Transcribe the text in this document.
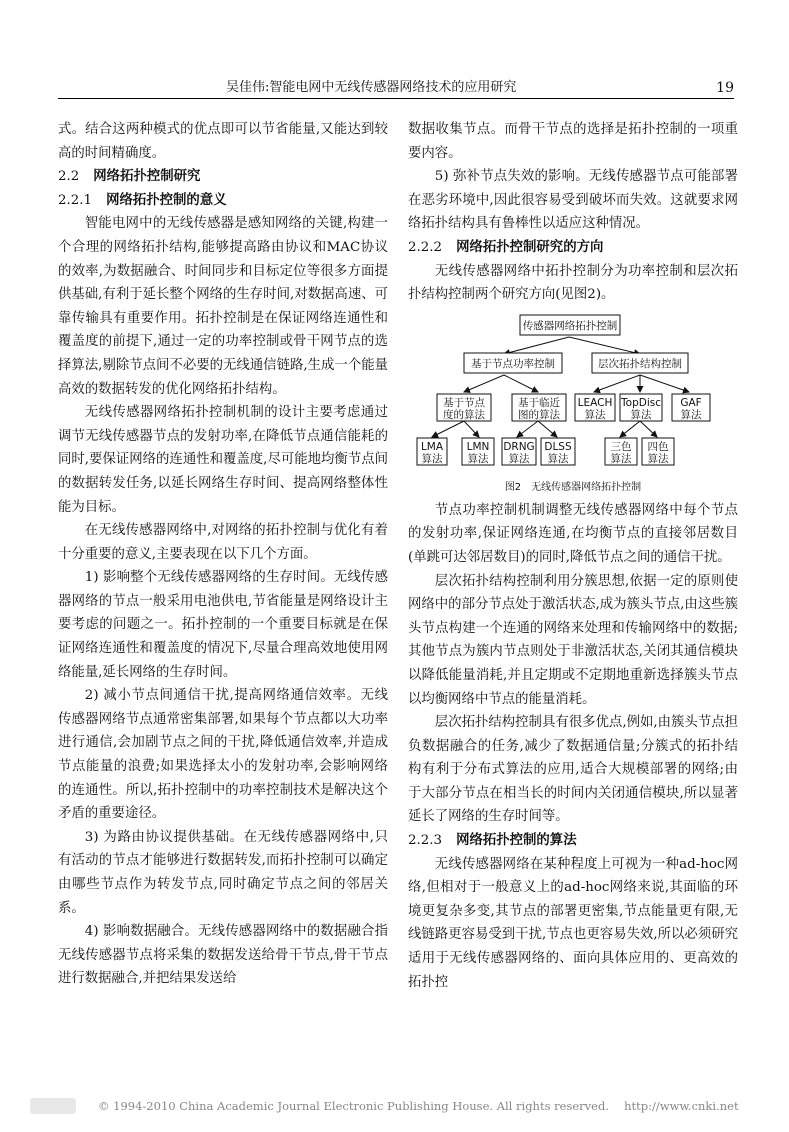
吴佳伟:智能电网中无线传感器网络技术的应用研究	19

式。结合这两种模式的优点即可以节省能量,又能达到较高的时间精确度。

2.2 网络拓扑控制研究

2.2.1 网络拓扑控制的意义

智能电网中的无线传感器是感知网络的关键,构建一个合理的网络拓扑结构,能够提高路由协议和MAC协议的效率,为数据融合、时间同步和目标定位等很多方面提供基础,有利于延长整个网络的生存时间,对数据高速、可靠传输具有重要作用。拓扑控制是在保证网络连通性和覆盖度的前提下,通过一定的功率控制或骨干网节点的选择算法,剔除节点间不必要的无线通信链路,生成一个能量高效的数据转发的优化网络拓扑结构。

无线传感器网络拓扑控制机制的设计主要考虑通过调节无线传感器节点的发射功率,在降低节点通信能耗的同时,要保证网络的连通性和覆盖度,尽可能地均衡节点间的数据转发任务,以延长网络生存时间、提高网络整体性能为目标。

在无线传感器网络中,对网络的拓扑控制与优化有着十分重要的意义,主要表现在以下几个方面。

1) 影响整个无线传感器网络的生存时间。无线传感器网络的节点一般采用电池供电,节省能量是网络设计主要考虑的问题之一。拓扑控制的一个重要目标就是在保证网络连通性和覆盖度的情况下,尽量合理高效地使用网络能量,延长网络的生存时间。

2) 减小节点间通信干扰,提高网络通信效率。无线传感器网络节点通常密集部署,如果每个节点都以大功率进行通信,会加剧节点之间的干扰,降低通信效率,并造成节点能量的浪费;如果选择太小的发射功率,会影响网络的连通性。所以,拓扑控制中的功率控制技术是解决这个矛盾的重要途径。

3) 为路由协议提供基础。在无线传感器网络中,只有活动的节点才能够进行数据转发,而拓扑控制可以确定由哪些节点作为转发节点,同时确定节点之间的邻居关系。

4) 影响数据融合。无线传感器网络中的数据融合指无线传感器节点将采集的数据发送给骨干节点,骨干节点进行数据融合,并把结果发送给

数据收集节点。而骨干节点的选择是拓扑控制的一项重要内容。

5) 弥补节点失效的影响。无线传感器节点可能部署在恶劣环境中,因此很容易受到破坏而失效。这就要求网络拓扑结构具有鲁棒性以适应这种情况。

2.2.2 网络拓扑控制研究的方向

无线传感器网络中拓扑控制分为功率控制和层次拓扑结构控制两个研究方向(见图2)。

传感器网络拓扑控制
基于节点功率控制	层次拓扑结构控制
基于节点
度的算法
基于临近
图的算法
LEACH
算法
TopDisc
算法
GAF
算法
LMA
算法
LMN
算法
DRNG
算法
DLSS
算法
三色
算法
四色
算法
图2　无线传感器网络拓扑控制

节点功率控制机制调整无线传感器网络中每个节点的发射功率,保证网络连通,在均衡节点的直接邻居数目(单跳可达邻居数目)的同时,降低节点之间的通信干扰。

层次拓扑结构控制利用分簇思想,依据一定的原则使网络中的部分节点处于激活状态,成为簇头节点,由这些簇头节点构建一个连通的网络来处理和传输网络中的数据;其他节点为簇内节点则处于非激活状态,关闭其通信模块以降低能量消耗,并且定期或不定期地重新选择簇头节点以均衡网络中节点的能量消耗。

层次拓扑结构控制具有很多优点,例如,由簇头节点担负数据融合的任务,减少了数据通信量;分簇式的拓扑结构有利于分布式算法的应用,适合大规模部署的网络;由于大部分节点在相当长的时间内关闭通信模块,所以显著延长了网络的生存时间等。

2.2.3 网络拓扑控制的算法

无线传感器网络在某种程度上可视为一种ad-hoc网络,但相对于一般意义上的ad-hoc网络来说,其面临的环境更复杂多变,其节点的部署更密集,节点能量更有限,无线链路更容易受到干扰,节点也更容易失效,所以必须研究适用于无线传感器网络的、面向具体应用的、更高效的拓扑控

© 1994-2010 China Academic Journal Electronic Publishing House. All rights reserved.　 http://www.cnki.net
